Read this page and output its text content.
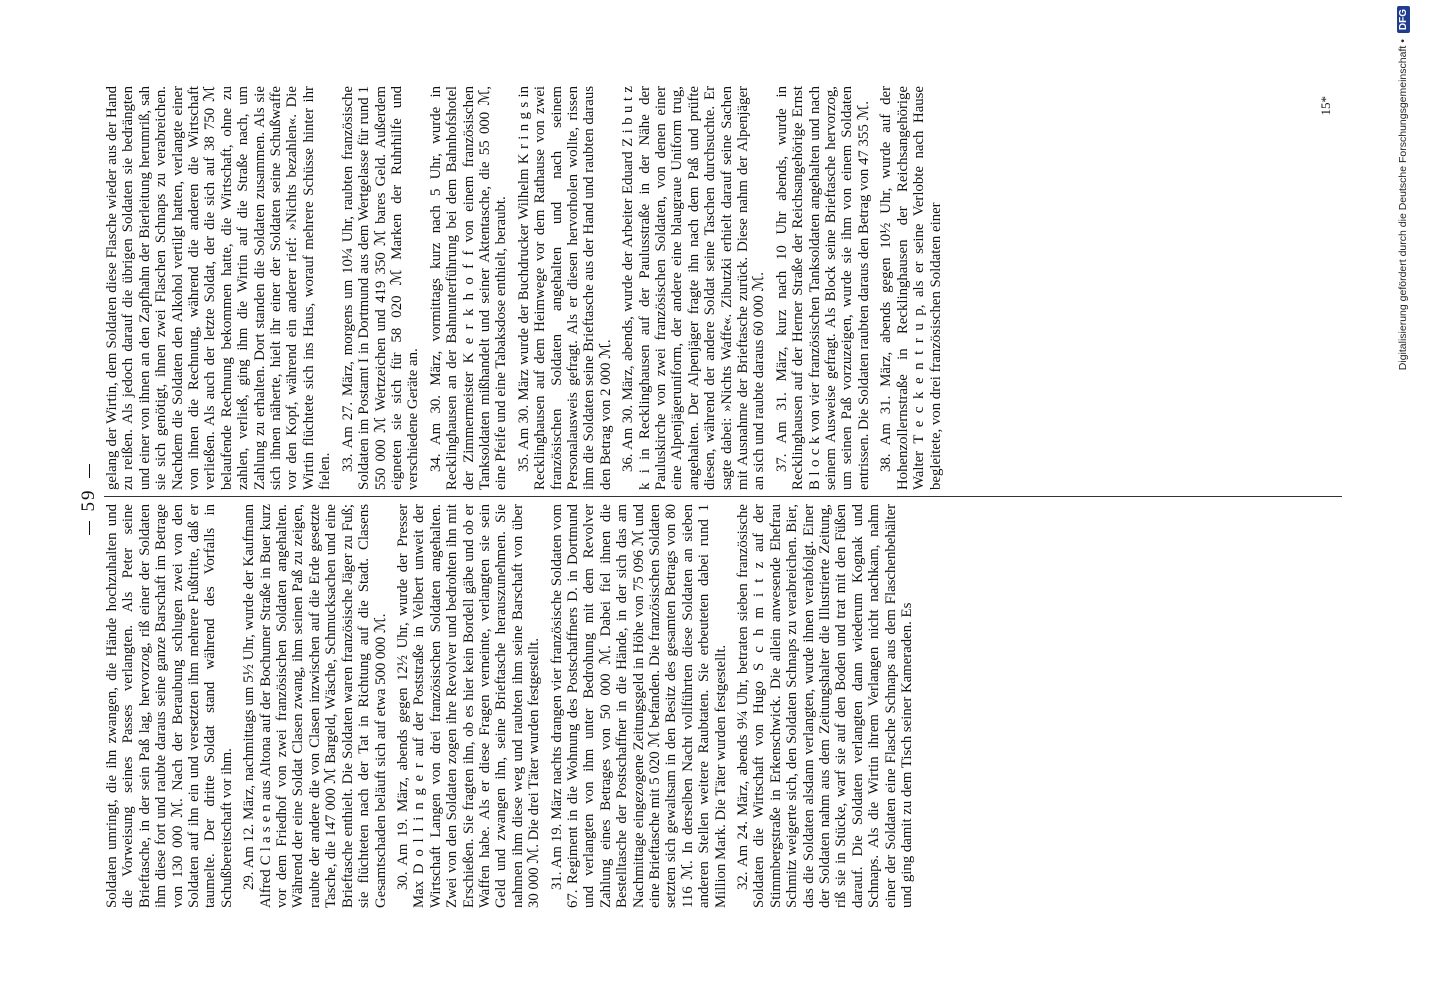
59

Soldaten umringt, die ihn zwangen, die Hände hochzuhalten und die Vorweisung seines Passes verlangten. Als Peter seine Brieftasche, in der sein Paß lag, hervorzog, riß einer der Soldaten ihm diese fort und raubte daraus seine ganze Barschaft im Betrage von 130 000 ℳ. Nach der Beraubung schlugen zwei von den Soldaten auf ihn ein und versetzten ihm mehrere Fußtritte, daß er taumelte. Der dritte Soldat stand während des Vorfalls in Schußbereitschaft vor ihm. 29. Am 12. März, nachmittags um 5½ Uhr, wurde der Kaufmann Alfred C l a s e n aus Altona auf der Bochumer Straße in Buer kurz vor dem Friedhof von zwei französischen Soldaten angehalten. Während der eine Soldat Clasen zwang, ihm seinen Paß zu zeigen, raubte der andere die von Clasen inzwischen auf die Erde gesetzte Tasche, die 147 000 ℳ Bargeld, Wäsche, Schmucksachen und eine Brieftasche enthielt. Die Soldaten waren französische Jäger zu Fuß; sie flüchteten nach der Tat in Richtung auf die Stadt. Clasens Gesamtschaden beläuft sich auf etwa 500 000 ℳ. 30. Am 19. März, abends gegen 12½ Uhr, wurde der Presser Max D o l l i n g e r auf der Poststraße in Velbert unweit der Wirtschaft Langen von drei französischen Soldaten angehalten. Zwei von den Soldaten zogen ihre Revolver und bedrohten ihn mit Erschießen. Sie fragten ihn, ob es hier kein Bordell gäbe und ob er Waffen habe. Als er diese Fragen verneinte, verlangten sie sein Geld und zwangen ihn, seine Brieftasche herauszunehmen. Sie nahmen ihm diese weg und raubten ihm seine Barschaft von über 30 000 ℳ. Die drei Täter wurden festgestellt. 31. Am 19. März nachts drangen vier französische Soldaten vom 67. Regiment in die Wohnung des Postschaffners D. in Dortmund und verlangten von ihm unter Bedrohung mit dem Revolver Zahlung eines Betrages von 50 000 ℳ. Dabei fiel ihnen die Bestelltasche der Postschaffner in die Hände, in der sich das am Nachmittage eingezogene Zeitungsgeld in Höhe von 75 096 ℳ und eine Brieftasche mit 5 020 ℳ befanden. Die französischen Soldaten setzten sich gewaltsam in den Besitz des gesamten Betrags von 80 116 ℳ. In derselben Nacht vollführten diese Soldaten an sieben anderen Stellen weitere Raubtaten. Sie erbeuteten dabei rund 1 Million Mark. Die Täter wurden festgestellt. 32. Am 24. März, abends 9¼ Uhr, betraten sieben französische Soldaten die Wirtschaft von Hugo S c h m i t z auf der Stimmbergstraße in Erkenschwick. Die allein anwesende Ehefrau Schmitz weigerte sich, den Soldaten Schnaps zu verabreichen. Bier, das die Soldaten alsdann verlangten, wurde ihnen verabfolgt. Einer der Soldaten nahm aus dem Zeitungshalter die Illustrierte Zeitung, riß sie in Stücke, warf sie auf den Boden und trat mit den Füßen darauf. Die Soldaten verlangten dann wiederum Kognak und Schnaps. Als die Wirtin ihrem Verlangen nicht nachkam, nahm einer der Soldaten eine Flasche Schnaps aus dem Flaschenbehälter und ging damit zu dem Tisch seiner Kameraden. Es

gelang der Wirtin, dem Soldaten diese Flasche wieder aus der Hand zu reißen. Als jedoch darauf die übrigen Soldaten sie bedrängten und einer von ihnen an den Zapfhahn der Bierleitung herumriß, sah sie sich genötigt, ihnen zwei Flaschen Schnaps zu verabreichen. Nachdem die Soldaten den Alkohol vertilgt hatten, verlangte einer von ihnen die Rechnung, während die anderen die Wirtschaft verließen. Als auch der letzte Soldat, der die sich auf 38 750 ℳ belaufende Rechnung bekommen hatte, die Wirtschaft, ohne zu zahlen, verließ, ging ihm die Wirtin auf die Straße nach, um Zahlung zu erhalten. Dort standen die Soldaten zusammen. Als sie sich ihnen näherte, hielt ihr einer der Soldaten seine Schußwaffe vor den Kopf, während ein anderer rief: »Nichts bezahlen«. Die Wirtin flüchtete sich ins Haus, worauf mehrere Schüsse hinter ihr fielen. 33. Am 27. März, morgens um 10¼ Uhr, raubten französische Soldaten im Postamt I in Dortmund aus dem Wertgelasse für rund 1 550 000 ℳ Wertzeichen und 419 350 ℳ bares Geld. Außerdem eigneten sie sich für 58 020 ℳ Marken der Ruhrhilfe und verschiedene Geräte an. 34. Am 30. März, vormittags kurz nach 5 Uhr, wurde in Recklinghausen an der Bahnunterführung bei dem Bahnhofshotel der Zimmermeister K e r k h o f f von einem französischen Tanksoldaten mißhandelt und seiner Aktentasche, die 55 000 ℳ, eine Pfeife und eine Tabaksdose enthielt, beraubt. 35. Am 30. März wurde der Buchdrucker Wilhelm K r i n g s in Recklinghausen auf dem Heimwege vor dem Rathause von zwei französischen Soldaten angehalten und nach seinem Personalausweis gefragt. Als er diesen hervorholen wollte, rissen ihm die Soldaten seine Brieftasche aus der Hand und raubten daraus den Betrag von 2 000 ℳ. 36. Am 30. März, abends, wurde der Arbeiter Eduard Z i b u t z k i in Recklinghausen auf der Paulusstraße in der Nähe der Pauluskirche von zwei französischen Soldaten, von denen einer eine Alpenjägeruniform, der andere eine blaugraue Uniform trug, angehalten. Der Alpenjäger fragte ihn nach dem Paß und prüfte diesen, während der andere Soldat seine Taschen durchsuchte. Er sagte dabei: »Nichts Waffe«. Zibutzki erhielt darauf seine Sachen mit Ausnahme der Brieftasche zurück. Diese nahm der Alpenjäger an sich und raubte daraus 60 000 ℳ. 37. Am 31. März, kurz nach 10 Uhr abends, wurde in Recklinghausen auf der Herner Straße der Reichsangehörige Ernst B l o c k von vier französischen Tanksoldaten angehalten und nach seinem Ausweise gefragt. Als Block seine Brieftasche hervorzog, um seinen Paß vorzuzeigen, wurde sie ihm von einem Soldaten entrissen. Die Soldaten raubten daraus den Betrag von 47 355 ℳ. 38. Am 31. März, abends gegen 10½ Uhr, wurde auf der Hohenzollernstraße in Recklinghausen der Reichsangehörige Walter T e c k e n t r u p, als er seine Verlobte nach Hause begleitete, von drei französischen Soldaten einer

15*	Digitalisierung gefördert durch die Deutsche Forschungsgemeinschaft •
DFG
